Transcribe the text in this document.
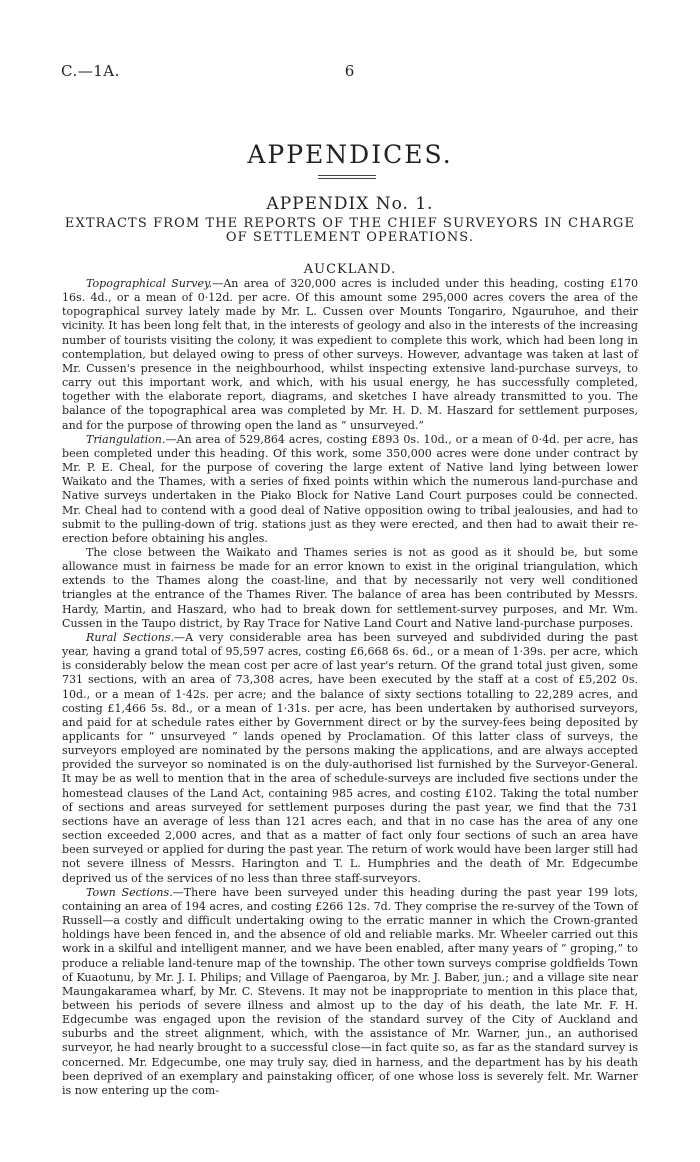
C.—1A.	6
APPENDICES.
APPENDIX No. 1.
EXTRACTS FROM THE REPORTS OF THE CHIEF SURVEYORS IN CHARGE OF SETTLEMENT OPERATIONS.
AUCKLAND.

Topographical Survey.—An area of 320,000 acres is included under this heading, costing £170 16s. 4d., or a mean of 0·12d. per acre. Of this amount some 295,000 acres covers the area of the topographical survey lately made by Mr. L. Cussen over Mounts Tongariro, Ngauruhoe, and their vicinity. It has been long felt that, in the interests of geology and also in the interests of the increasing number of tourists visiting the colony, it was expedient to complete this work, which had been long in contemplation, but delayed owing to press of other surveys. However, advantage was taken at last of Mr. Cussen's presence in the neighbourhood, whilst inspecting extensive land-purchase surveys, to carry out this important work, and which, with his usual energy, he has successfully completed, together with the elaborate report, diagrams, and sketches I have already transmitted to you. The balance of the topographical area was completed by Mr. H. D. M. Haszard for settlement purposes, and for the purpose of throwing open the land as “ unsurveyed.”

Triangulation.—An area of 529,864 acres, costing £893 0s. 10d., or a mean of 0·4d. per acre, has been completed under this heading. Of this work, some 350,000 acres were done under contract by Mr. P. E. Cheal, for the purpose of covering the large extent of Native land lying between lower Waikato and the Thames, with a series of fixed points within which the numerous land-purchase and Native surveys undertaken in the Piako Block for Native Land Court purposes could be connected. Mr. Cheal had to contend with a good deal of Native opposition owing to tribal jealousies, and had to submit to the pulling-down of trig. stations just as they were erected, and then had to await their re-erection before obtaining his angles.

The close between the Waikato and Thames series is not as good as it should be, but some allowance must in fairness be made for an error known to exist in the original triangulation, which extends to the Thames along the coast-line, and that by necessarily not very well conditioned triangles at the entrance of the Thames River. The balance of area has been contributed by Messrs. Hardy, Martin, and Haszard, who had to break down for settlement-survey purposes, and Mr. Wm. Cussen in the Taupo district, by Ray Trace for Native Land Court and Native land-purchase purposes.

Rural Sections.—A very considerable area has been surveyed and subdivided during the past year, having a grand total of 95,597 acres, costing £6,668 6s. 6d., or a mean of 1·39s. per acre, which is considerably below the mean cost per acre of last year's return. Of the grand total just given, some 731 sections, with an area of 73,308 acres, have been executed by the staff at a cost of £5,202 0s. 10d., or a mean of 1·42s. per acre; and the balance of sixty sections totalling to 22,289 acres, and costing £1,466 5s. 8d., or a mean of 1·31s. per acre, has been undertaken by authorised surveyors, and paid for at schedule rates either by Government direct or by the survey-fees being deposited by applicants for “ unsurveyed ” lands opened by Proclamation. Of this latter class of surveys, the surveyors employed are nominated by the persons making the applications, and are always accepted provided the surveyor so nominated is on the duly-authorised list furnished by the Surveyor-General. It may be as well to mention that in the area of schedule-surveys are included five sections under the homestead clauses of the Land Act, containing 985 acres, and costing £102. Taking the total number of sections and areas surveyed for settlement purposes during the past year, we find that the 731 sections have an average of less than 121 acres each, and that in no case has the area of any one section exceeded 2,000 acres, and that as a matter of fact only four sections of such an area have been surveyed or applied for during the past year. The return of work would have been larger still had not severe illness of Messrs. Harington and T. L. Humphries and the death of Mr. Edgecumbe deprived us of the services of no less than three staff-surveyors.

Town Sections.—There have been surveyed under this heading during the past year 199 lots, containing an area of 194 acres, and costing £266 12s. 7d. They comprise the re-survey of the Town of Russell—a costly and difficult undertaking owing to the erratic manner in which the Crown-granted holdings have been fenced in, and the absence of old and reliable marks. Mr. Wheeler carried out this work in a skilful and intelligent manner, and we have been enabled, after many years of “ groping,” to produce a reliable land-tenure map of the township. The other town surveys comprise goldfields Town of Kuaotunu, by Mr. J. I. Philips; and Village of Paengaroa, by Mr. J. Baber, jun.; and a village site near Maungakaramea wharf, by Mr. C. Stevens. It may not be inappropriate to mention in this place that, between his periods of severe illness and almost up to the day of his death, the late Mr. F. H. Edgecumbe was engaged upon the revision of the standard survey of the City of Auckland and suburbs and the street alignment, which, with the assistance of Mr. Warner, jun., an authorised surveyor, he had nearly brought to a successful close—in fact quite so, as far as the standard survey is concerned. Mr. Edgecumbe, one may truly say, died in harness, and the department has by his death been deprived of an exemplary and painstaking officer, of one whose loss is severely felt. Mr. Warner is now entering up the com-
